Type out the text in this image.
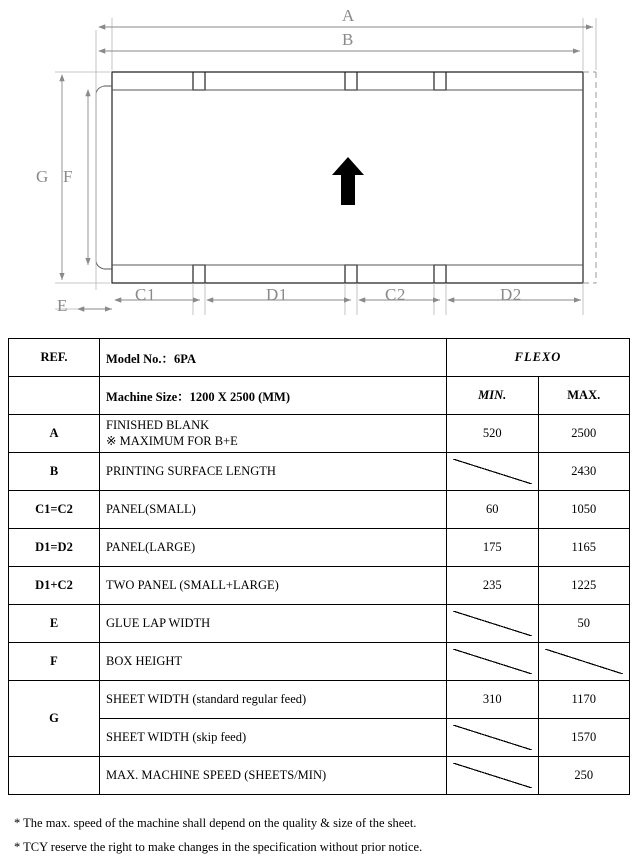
A
B
G F
E
C1	D1	C2	D2
REF.	Model No.：6PA	FLEXO	
	Machine Size：1200 X 2500 (MM)	MIN.	MAX.
A	FINISHED BLANK
※ MAXIMUM FOR B+E	520	2500
B	PRINTING SURFACE LENGTH		2430
C1=C2	PANEL(SMALL)	60	1050
D1=D2	PANEL(LARGE)	175	1165
D1+C2	TWO PANEL (SMALL+LARGE)	235	1225
E	GLUE LAP WIDTH		50
F	BOX HEIGHT		
G	SHEET WIDTH (standard regular feed)	310	1170
	SHEET WIDTH (skip feed)		1570
	MAX. MACHINE SPEED (SHEETS/MIN)		250
* The max. speed of the machine shall depend on the quality & size of the sheet.
* TCY reserve the right to make changes in the specification without prior notice.
